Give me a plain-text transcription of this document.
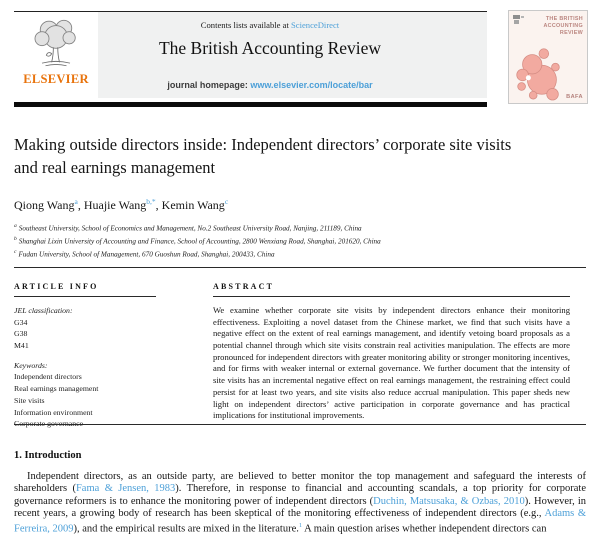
Contents lists available at ScienceDirect
The British Accounting Review
journal homepage: www.elsevier.com/locate/bar
ELSEVIER
THE BRITISH
ACCOUNTING
REVIEW
BAFA
Making outside directors inside: Independent directors’ corporate site visits and real earnings management
Qiong Wang$^a$, Huajie Wang$^{b,*}$, Kemin Wang$^c$
$^a$ Southeast University, School of Economics and Management, No.2 Southeast University Road, Nanjing, 211189, China
$^b$ Shanghai Lixin University of Accounting and Finance, School of Accounting, 2800 Wenxiang Road, Shanghai, 201620, China
$^c$ Fudan University, School of Management, 670 Guoshun Road, Shanghai, 200433, China
ARTICLE INFO
JEL classification:
G34
G38
M41
Keywords:
Independent directors
Real earnings management
Site visits
Information environment
Corporate governance
ABSTRACT

We examine whether corporate site visits by independent directors enhance their monitoring effectiveness. Exploiting a novel dataset from the Chinese market, we find that such visits have a negative effect on the extent of real earnings management, and identify vetoing board proposals as a potential channel through which site visits constrain real activities manipulation. The effects are more pronounced for independent directors with greater monitoring ability or stronger monitoring incentives, and for firms with weaker internal or external governance. We further document that the intensity of site visits has an incremental negative effect on real earnings management, the restraining effect could persist for at least two years, and site visits also reduce accrual manipulation. This paper sheds new light on independent directors’ active participation in corporate governance and has practical implications for institutional improvements.

1. Introduction

Independent directors, as an outside party, are believed to better monitor the top management and safeguard the interests of shareholders (Fama & Jensen, 1983). Therefore, in response to financial and accounting scandals, a top priority for corporate governance reformers is to enhance the monitoring power of independent directors (Duchin, Matsusaka, & Ozbas, 2010). However, in recent years, a growing body of research has been skeptical of the monitoring effectiveness of independent directors (e.g., Adams & Ferreira, 2009), and the empirical results are mixed in the literature.$^1$ A main question arises whether independent directors can
